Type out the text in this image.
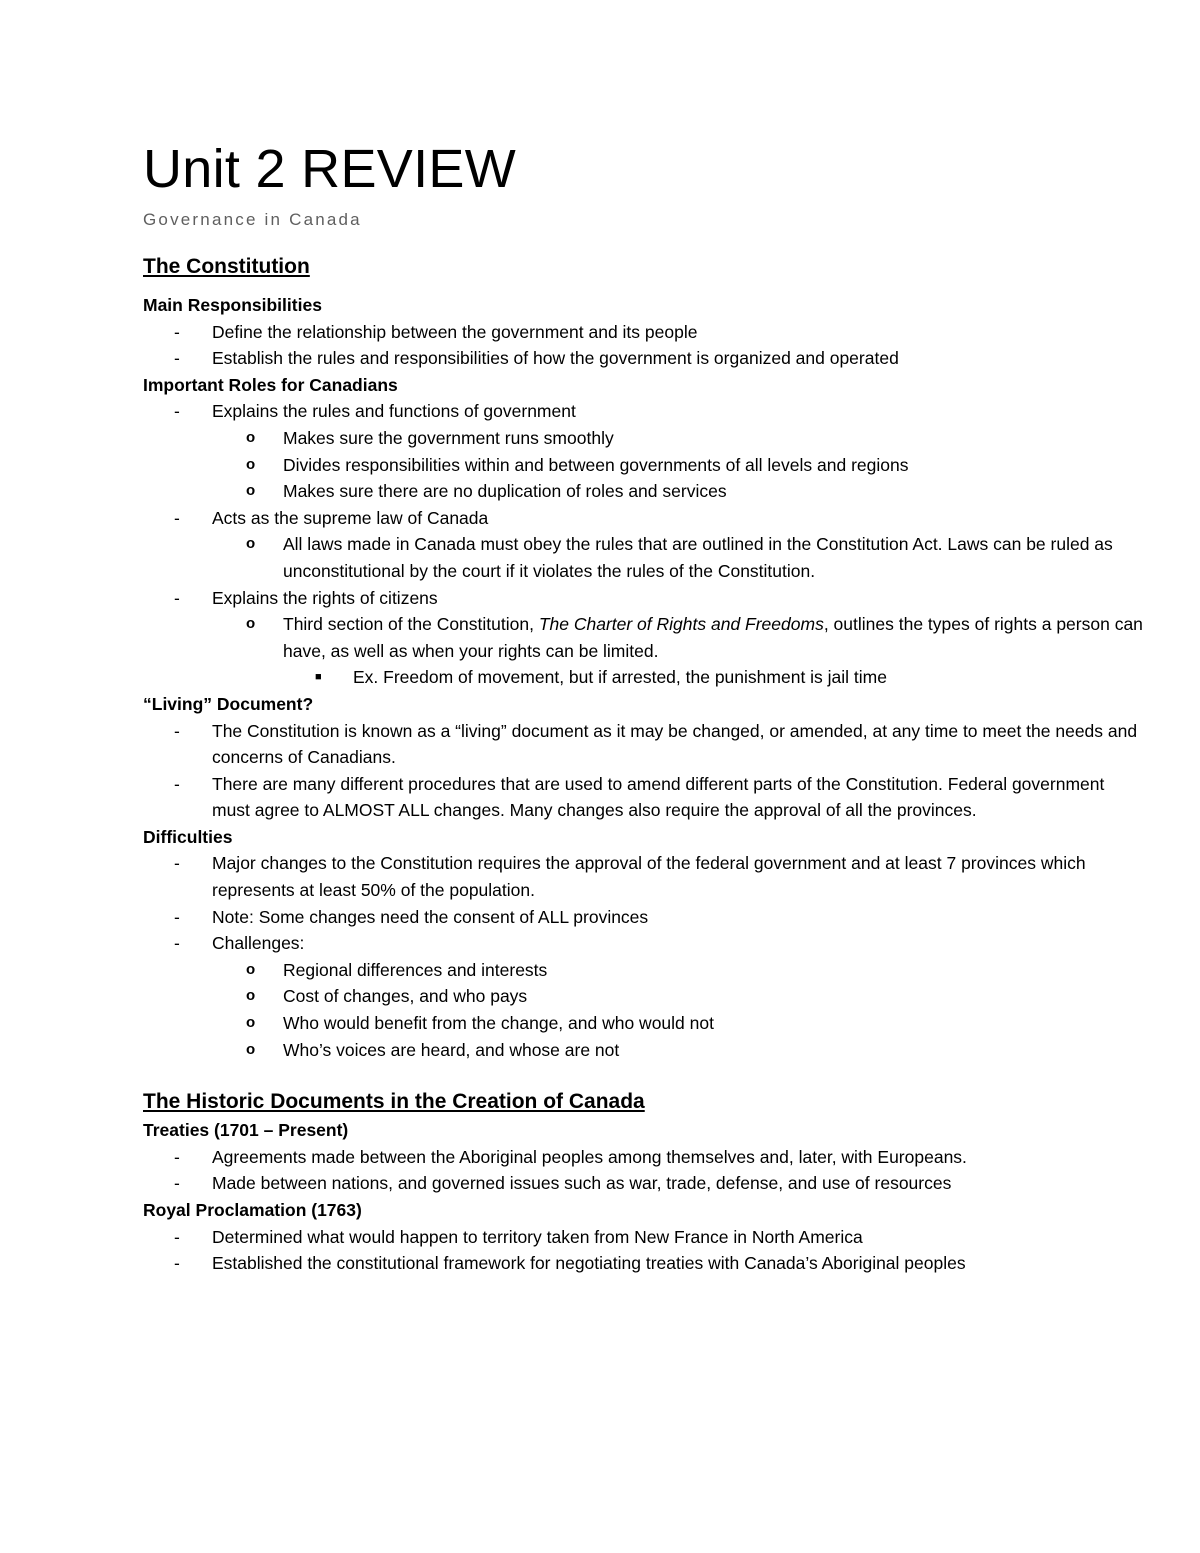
Unit 2 REVIEW
Governance in Canada
The Constitution
Main Responsibilities
- Define the relationship between the government and its people
- Establish the rules and responsibilities of how the government is organized and operated
Important Roles for Canadians
- Explains the rules and functions of government
o Makes sure the government runs smoothly
o Divides responsibilities within and between governments of all levels and regions
o Makes sure there are no duplication of roles and services
- Acts as the supreme law of Canada
o All laws made in Canada must obey the rules that are outlined in the Constitution Act. Laws can be ruled as unconstitutional by the court if it violates the rules of the Constitution.
- Explains the rights of citizens
o Third section of the Constitution, The Charter of Rights and Freedoms, outlines the types of rights a person can have, as well as when your rights can be limited.
■ Ex. Freedom of movement, but if arrested, the punishment is jail time
“Living” Document?
- The Constitution is known as a “living” document as it may be changed, or amended, at any time to meet the needs and concerns of Canadians.
- There are many different procedures that are used to amend different parts of the Constitution. Federal government must agree to ALMOST ALL changes. Many changes also require the approval of all the provinces.
Difficulties
- Major changes to the Constitution requires the approval of the federal government and at least 7 provinces which represents at least 50% of the population.
- Note: Some changes need the consent of ALL provinces
- Challenges:
o Regional differences and interests
o Cost of changes, and who pays
o Who would benefit from the change, and who would not
o Who’s voices are heard, and whose are not
The Historic Documents in the Creation of Canada
Treaties (1701 – Present)
- Agreements made between the Aboriginal peoples among themselves and, later, with Europeans.
- Made between nations, and governed issues such as war, trade, defense, and use of resources
Royal Proclamation (1763)
- Determined what would happen to territory taken from New France in North America
- Established the constitutional framework for negotiating treaties with Canada’s Aboriginal peoples
